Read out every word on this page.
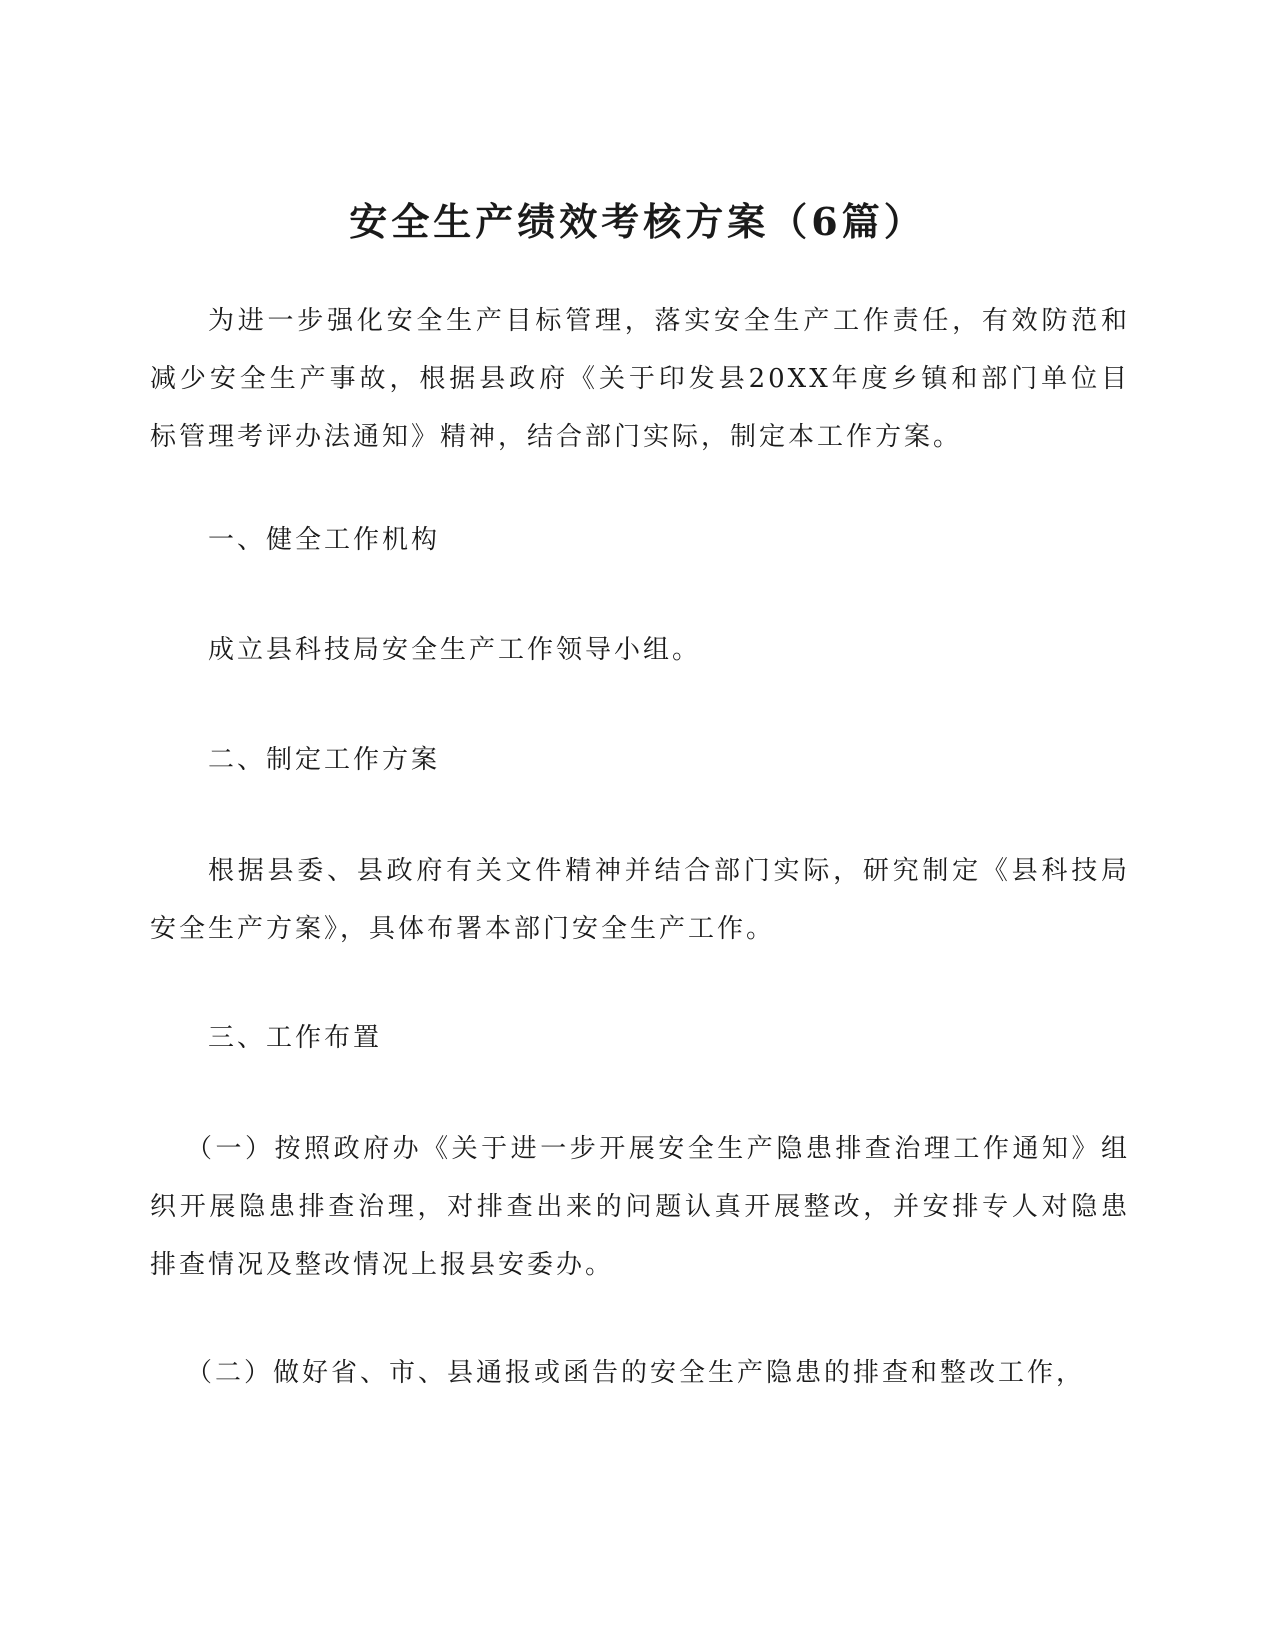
安全生产绩效考核方案（6篇）

为进一步强化安全生产目标管理，落实安全生产工作责任，有效防范和减少安全生产事故，根据县政府《关于印发县20XX年度乡镇和部门单位目标管理考评办法通知》精神，结合部门实际，制定本工作方案。

一、健全工作机构

成立县科技局安全生产工作领导小组。

二、制定工作方案

根据县委、县政府有关文件精神并结合部门实际，研究制定《县科技局安全生产方案》，具体布署本部门安全生产工作。

三、工作布置

（一）按照政府办《关于进一步开展安全生产隐患排查治理工作通知》组织开展隐患排查治理，对排查出来的问题认真开展整改，并安排专人对隐患排查情况及整改情况上报县安委办。

（二）做好省、市、县通报或函告的安全生产隐患的排查和整改工作，
